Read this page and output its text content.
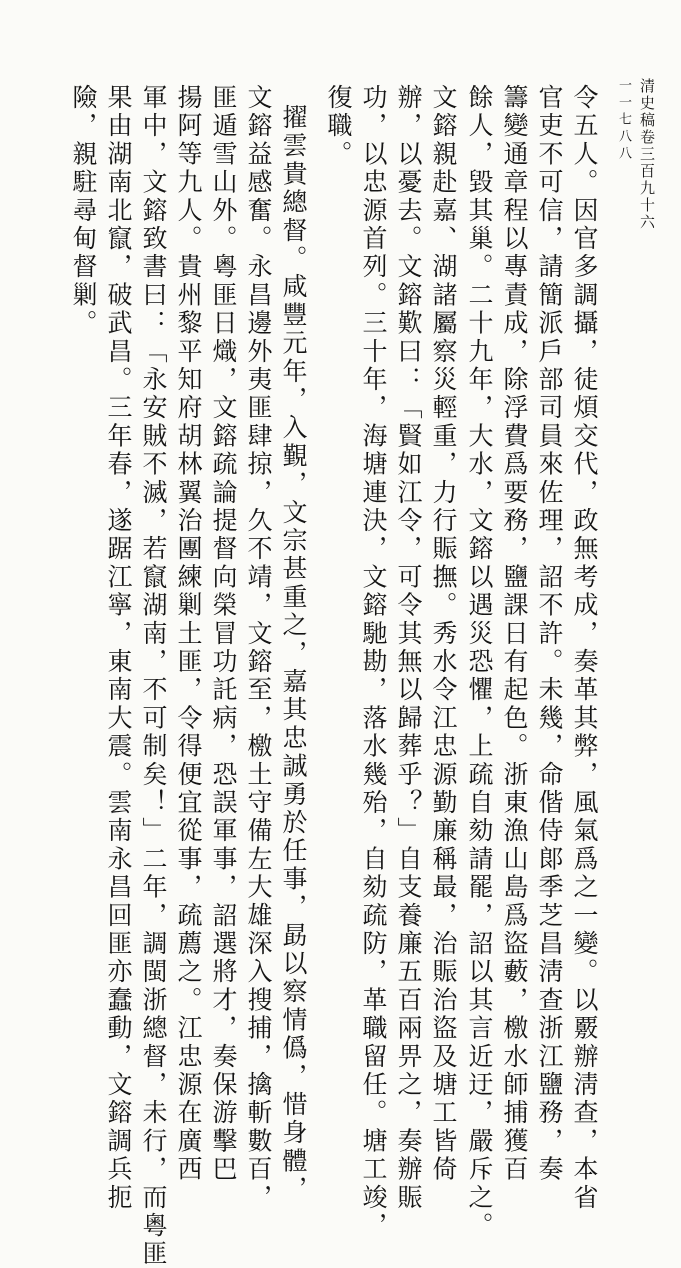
清史稿卷三百九十六
一一七八八
令五人。因官多調攝，徒煩交代，政無考成，奏革其弊，風氣爲之一變。以覈辦淸查，本省
官吏不可信，請簡派戶部司員來佐理，詔不許。未幾，命偕侍郞季芝昌淸查浙江鹽務，奏
籌變通章程以專責成，除浮費爲要務，鹽課日有起色。浙東漁山島爲盜藪，檄水師捕獲百
餘人，毀其巢。二十九年，大水，文鎔以遇災恐懼，上疏自劾請罷，詔以其言近迂，嚴斥之。
文鎔親赴嘉、湖諸屬察災輕重，力行賑撫。秀水令江忠源勤廉稱最，治賑治盜及塘工皆倚
辦，以憂去。文鎔歎曰：「賢如江令，可令其無以歸葬乎？」自支養廉五百兩畀之，奏辦賑
功，以忠源首列。三十年，海塘連決，文鎔馳勘，落水幾殆，自劾疏防，革職留任。塘工竣，
復職。
擢雲貴總督。咸豐元年，入覲，文宗甚重之，嘉其忠誠勇於任事，勗以察情僞，惜身體，
文鎔益感奮。永昌邊外夷匪肆掠，久不靖，文鎔至，檄土守備左大雄深入搜捕，擒斬數百，
匪遁雪山外。粵匪日熾，文鎔疏論提督向榮冒功託病，恐誤軍事，詔選將才，奏保游擊巴
揚阿等九人。貴州黎平知府胡林翼治團練剿土匪，令得便宜從事，疏薦之。江忠源在廣西
軍中，文鎔致書曰：「永安賊不滅，若竄湖南，不可制矣！」二年，調閩浙總督，未行，而粵匪
果由湖南北竄，破武昌。三年春，遂踞江寧，東南大震。雲南永昌回匪亦蠢動，文鎔調兵扼
險，親駐尋甸督剿。
